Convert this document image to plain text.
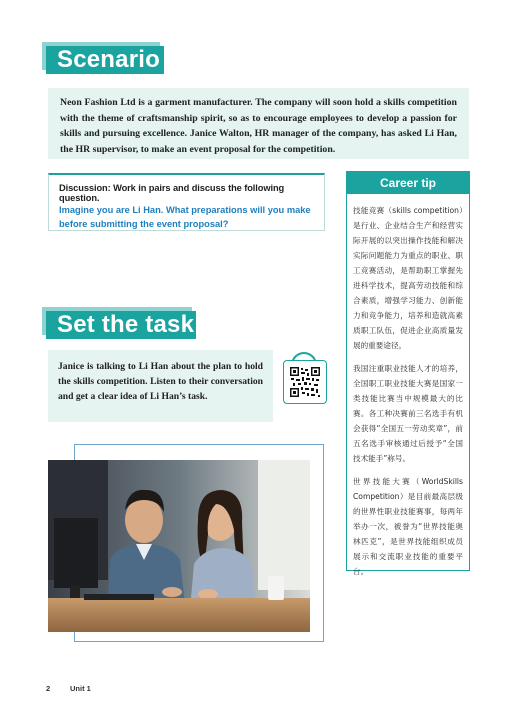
Scenario
Neon Fashion Ltd is a garment manufacturer. The company will soon hold a skills competition with the theme of craftsmanship spirit, so as to encourage employees to develop a passion for skills and pursuing excellence. Janice Walton, HR manager of the company, has asked Li Han, the HR supervisor, to make an event proposal for the competition.
Discussion: Work in pairs and discuss the following question.
Imagine you are Li Han. What preparations will you make before submitting the event proposal?
Set the task
Janice is talking to Li Han about the plan to hold the skills competition. Listen to their conversation and get a clear idea of Li Han’s task.
Career tip

技能竞赛（skills competition）是行业、企业结合生产和经营实际开展的以突出操作技能和解决实际问题能力为重点的职业、职工竞赛活动，是帮助职工掌握先进科学技术，提高劳动技能和综合素质，增强学习能力、创新能力和竞争能力，培养和造就高素质职工队伍，促进企业高质量发展的重要途径。

我国注重职业技能人才的培养，全国职工职业技能大赛是国家一类技能比赛当中规模最大的比赛。各工种决赛前三名选手有机会获得“全国五一劳动奖章”，前五名选手审核通过后授予“全国技术能手”称号。

世界技能大赛（WorldSkills Competition）是目前最高层级的世界性职业技能赛事，每两年举办一次，被誉为“世界技能奥林匹克”，是世界技能组织成员展示和交流职业技能的重要平台。

2	Unit 1
